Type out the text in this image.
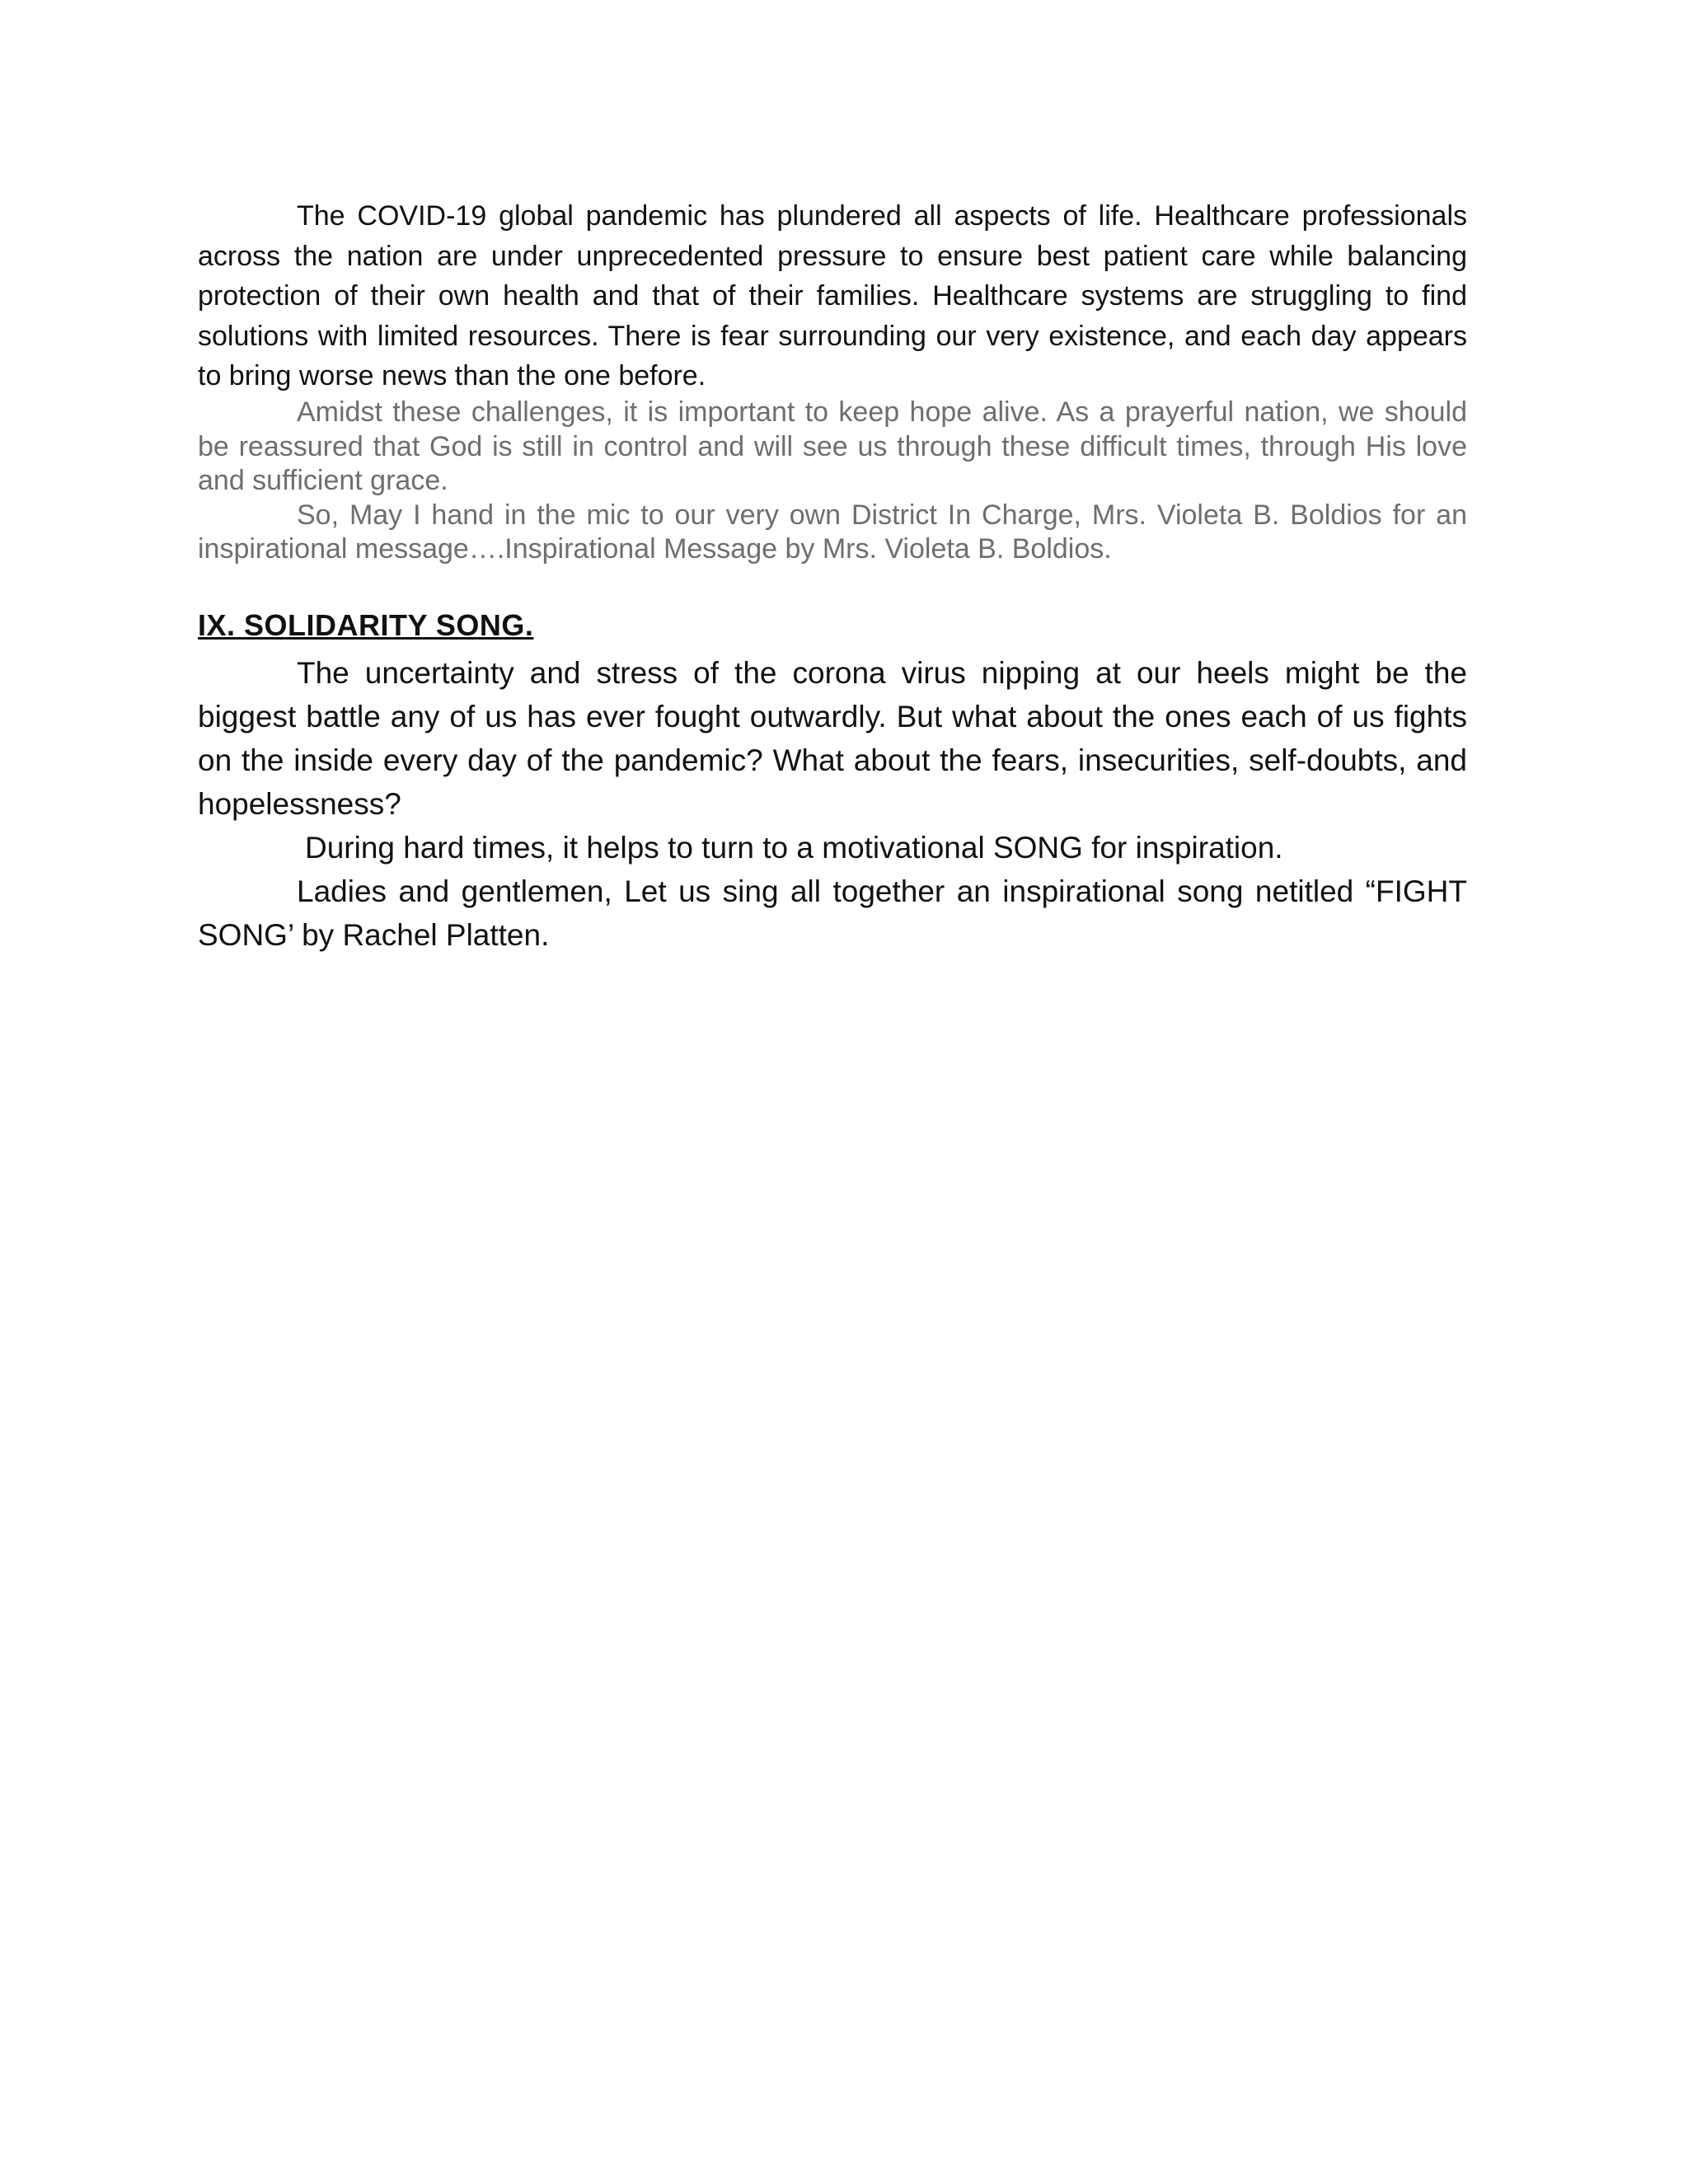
The COVID-19 global pandemic has plundered all aspects of life. Healthcare professionals across the nation are under unprecedented pressure to ensure best patient care while balancing protection of their own health and that of their families. Healthcare systems are struggling to find solutions with limited resources. There is fear surrounding our very existence, and each day appears to bring worse news than the one before.

Amidst these challenges, it is important to keep hope alive. As a prayerful nation, we should be reassured that God is still in control and will see us through these difficult times, through His love and sufficient grace.

So, May I hand in the mic to our very own District In Charge, Mrs. Violeta B. Boldios for an inspirational message….Inspirational Message by Mrs. Violeta B. Boldios.

IX. SOLIDARITY SONG.

The uncertainty and stress of the corona virus nipping at our heels might be the biggest battle any of us has ever fought outwardly. But what about the ones each of us fights on the inside every day of the pandemic? What about the fears, insecurities, self-doubts, and hopelessness?

During hard times, it helps to turn to a motivational SONG for inspiration.

Ladies and gentlemen, Let us sing all together an inspirational song netitled “FIGHT SONG’ by Rachel Platten.
